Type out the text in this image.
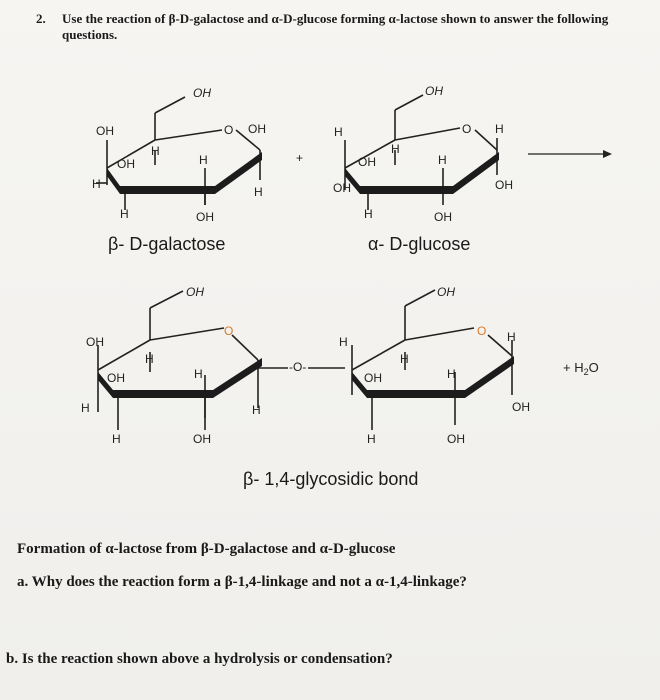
2. Use the reaction of β-D-galactose and α-D-glucose forming α-lactose shown to answer the following questions.
OH
O OH
OH
H
OH	H
H
H
H	OH
+
OH
O H
H
H
OH	H
OH	OH
H	OH
OH
O
OH
H
OH	H
H	H
H	OH
-O-
OH
O H
H
H
OH	H
OH
H	OH
+ $H_2O$
β- D-galactose	α- D-glucose
β- 1,4-glycosidic bond
Formation of α-lactose from β-D-galactose and α-D-glucose
a. Why does the reaction form a β-1,4-linkage and not a α-1,4-linkage?
b. Is the reaction shown above a hydrolysis or condensation?
